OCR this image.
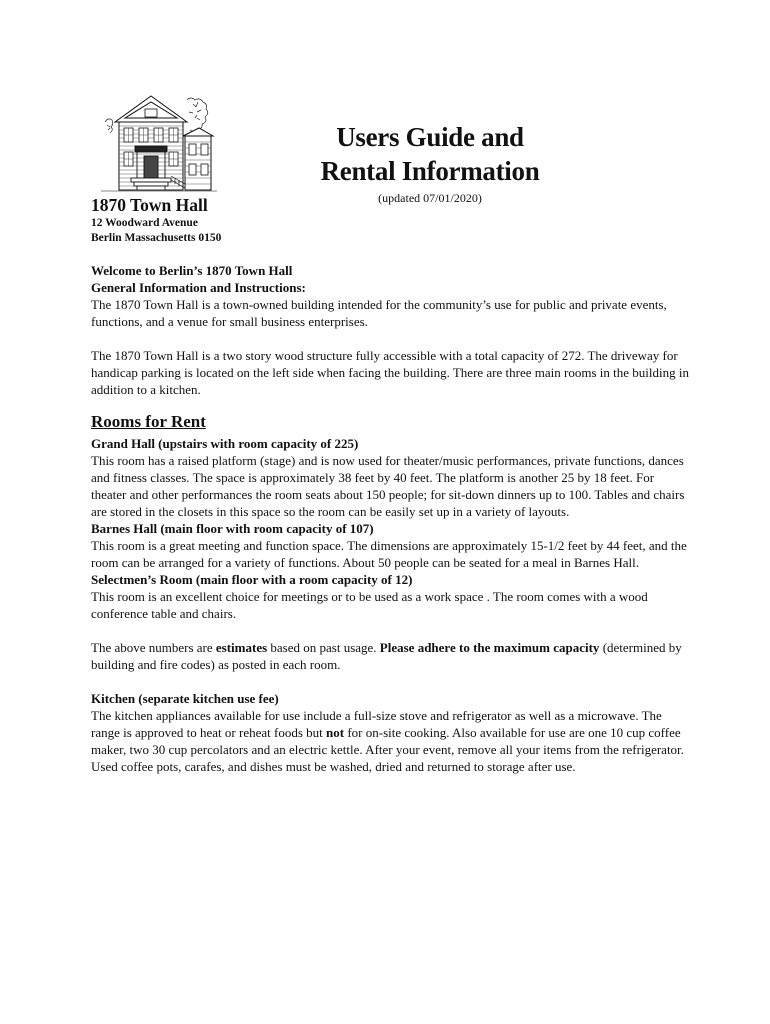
Users Guide and
Rental Information
(updated 07/01/2020)
1870 Town Hall
12 Woodward Avenue
Berlin Massachusetts 0150

Welcome to Berlin’s 1870 Town Hall

General Information and Instructions:

The 1870 Town Hall is a town-owned building intended for the community’s use for public and private events, functions, and a venue for small business enterprises.

The 1870 Town Hall is a two story wood structure fully accessible with a total capacity of 272. The driveway for handicap parking is located on the left side when facing the building. There are three main rooms in the building in addition to a kitchen.

Rooms for Rent

Grand Hall (upstairs with room capacity of 225)

This room has a raised platform (stage) and is now used for theater/music performances, private functions, dances and fitness classes. The space is approximately 38 feet by 40 feet. The platform is another 25 by 18 feet. For theater and other performances the room seats about 150 people; for sit-down dinners up to 100. Tables and chairs are stored in the closets in this space so the room can be easily set up in a variety of layouts.

Barnes Hall (main floor with room capacity of 107)

This room is a great meeting and function space. The dimensions are approximately 15-1/2 feet by 44 feet, and the room can be arranged for a variety of functions. About 50 people can be seated for a meal in Barnes Hall.

Selectmen’s Room (main floor with a room capacity of 12)

This room is an excellent choice for meetings or to be used as a work space . The room comes with a wood conference table and chairs.

The above numbers are estimates based on past usage. Please adhere to the maximum capacity (determined by building and fire codes) as posted in each room.

Kitchen (separate kitchen use fee)

The kitchen appliances available for use include a full-size stove and refrigerator as well as a microwave. The range is approved to heat or reheat foods but not for on-site cooking. Also available for use are one 10 cup coffee maker, two 30 cup percolators and an electric kettle. After your event, remove all your items from the refrigerator. Used coffee pots, carafes, and dishes must be washed, dried and returned to storage after use.
